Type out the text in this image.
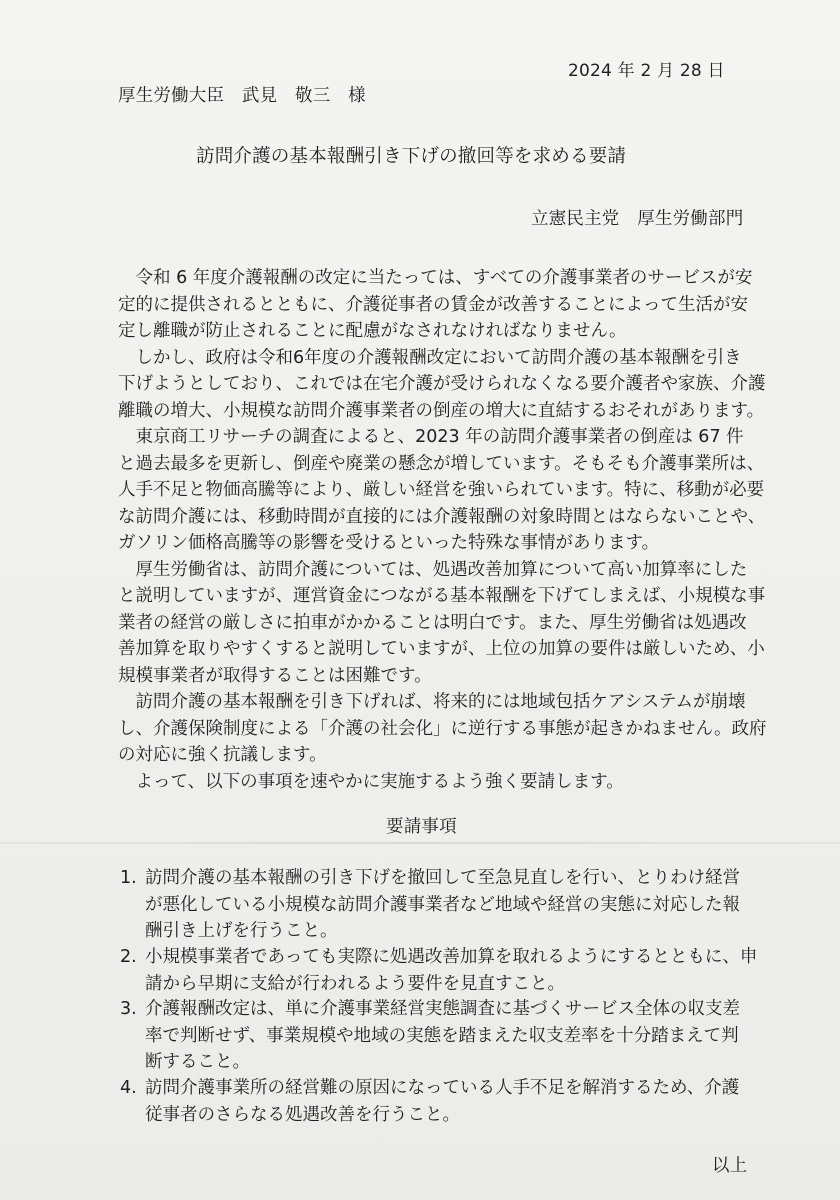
2024 年 2 月 28 日
厚生労働大臣　武見　敬三　様
訪問介護の基本報酬引き下げの撤回等を求める要請
立憲民主党　厚生労働部門
　令和 6 年度介護報酬の改定に当たっては、すべての介護事業者のサービスが安
定的に提供されるとともに、介護従事者の賃金が改善することによって生活が安
定し離職が防止されることに配慮がなされなければなりません。
　しかし、政府は令和6年度の介護報酬改定において訪問介護の基本報酬を引き
下げようとしており、これでは在宅介護が受けられなくなる要介護者や家族、介護
離職の増大、小規模な訪問介護事業者の倒産の増大に直結するおそれがあります。
　東京商工リサーチの調査によると、2023 年の訪問介護事業者の倒産は 67 件
と過去最多を更新し、倒産や廃業の懸念が増しています。そもそも介護事業所は、
人手不足と物価高騰等により、厳しい経営を強いられています。特に、移動が必要
な訪問介護には、移動時間が直接的には介護報酬の対象時間とはならないことや、
ガソリン価格高騰等の影響を受けるといった特殊な事情があります。
　厚生労働省は、訪問介護については、処遇改善加算について高い加算率にした
と説明していますが、運営資金につながる基本報酬を下げてしまえば、小規模な事
業者の経営の厳しさに拍車がかかることは明白です。また、厚生労働省は処遇改
善加算を取りやすくすると説明していますが、上位の加算の要件は厳しいため、小
規模事業者が取得することは困難です。
　訪問介護の基本報酬を引き下げれば、将来的には地域包括ケアシステムが崩壊
し、介護保険制度による「介護の社会化」に逆行する事態が起きかねません。政府
の対応に強く抗議します。
　よって、以下の事項を速やかに実施するよう強く要請します。
要請事項
1. 訪問介護の基本報酬の引き下げを撤回して至急見直しを行い、とりわけ経営
が悪化している小規模な訪問介護事業者など地域や経営の実態に対応した報
酬引き上げを行うこと。
2. 小規模事業者であっても実際に処遇改善加算を取れるようにするとともに、申
請から早期に支給が行われるよう要件を見直すこと。
3. 介護報酬改定は、単に介護事業経営実態調査に基づくサービス全体の収支差
率で判断せず、事業規模や地域の実態を踏まえた収支差率を十分踏まえて判
断すること。
4. 訪問介護事業所の経営難の原因になっている人手不足を解消するため、介護
従事者のさらなる処遇改善を行うこと。
以上
